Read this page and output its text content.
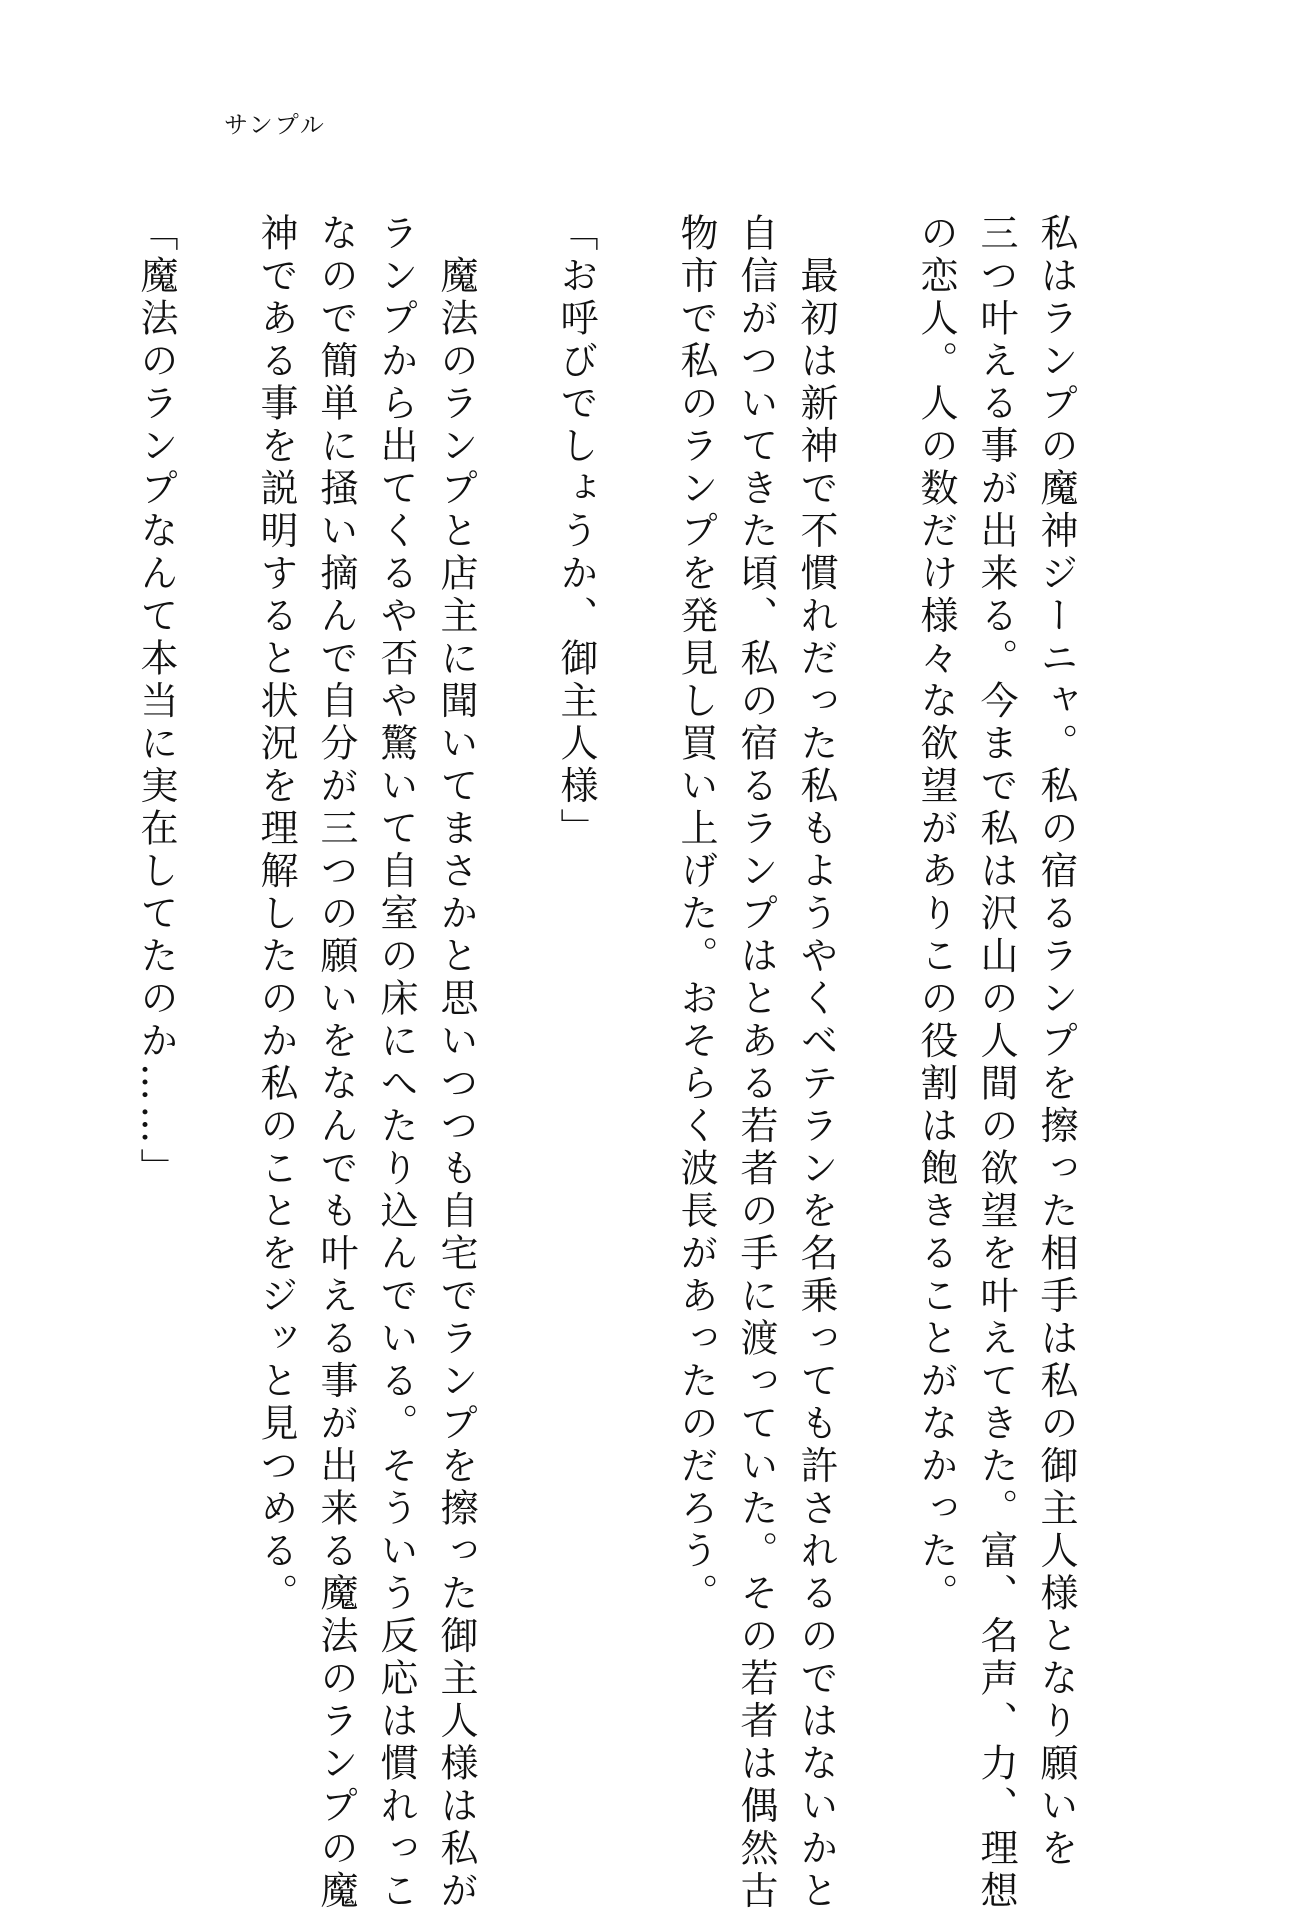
サンプル
私はランプの魔神ジーニャ。私の宿るランプを擦った相手は私の御主人様となり願いを
三つ叶える事が出来る。今まで私は沢山の人間の欲望を叶えてきた。富、名声、力、理想
の恋人。人の数だけ様々な欲望がありこの役割は飽きることがなかった。

　最初は新神で不慣れだった私もようやくベテランを名乗っても許されるのではないかと
自信がついてきた頃、私の宿るランプはとある若者の手に渡っていた。その若者は偶然古
物市で私のランプを発見し買い上げた。おそらく波長があったのだろう。

「お呼びでしょうか、御主人様」

　魔法のランプと店主に聞いてまさかと思いつつも自宅でランプを擦った御主人様は私が
ランプから出てくるや否や驚いて自室の床にへたり込んでいる。そういう反応は慣れっこ
なので簡単に掻い摘んで自分が三つの願いをなんでも叶える事が出来る魔法のランプの魔
神である事を説明すると状況を理解したのか私のことをジッと見つめる。

「魔法のランプなんて本当に実在してたのか……」
